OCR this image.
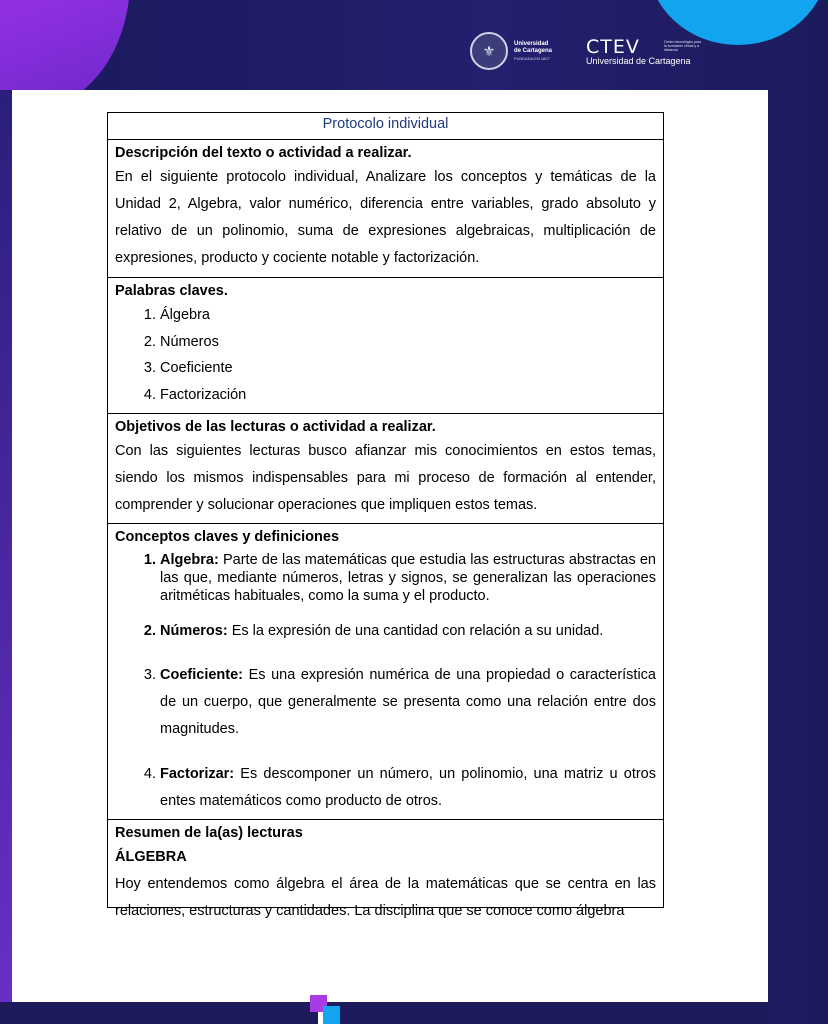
⚜	Universidad
de Cartagena
FUNDADA EN 1827 CTEV	Centro tecnológico para la formación virtual y a distancia
Universidad de Cartagena
Protocolo individual
Descripción del texto o actividad a realizar.

En el siguiente protocolo individual, Analizare los conceptos y temáticas de la Unidad 2, Algebra, valor numérico, diferencia entre variables, grado absoluto y relativo de un polinomio, suma de expresiones algebraicas, multiplicación de expresiones, producto y cociente notable y factorización.

Palabras claves.
1. Álgebra
2. Números
3. Coeficiente
4. Factorización
Objetivos de las lecturas o actividad a realizar.

Con las siguientes lecturas busco afianzar mis conocimientos en estos temas, siendo los mismos indispensables para mi proceso de formación al entender, comprender y solucionar operaciones que impliquen estos temas.

Conceptos claves y definiciones
1. Algebra: Parte de las matemáticas que estudia las estructuras abstractas en las que, mediante números, letras y signos, se generalizan las operaciones aritméticas habituales, como la suma y el producto.
2. Números: Es la expresión de una cantidad con relación a su unidad.
3. Coeficiente: Es una expresión numérica de una propiedad o característica de un cuerpo, que generalmente se presenta como una relación entre dos magnitudes.
4. Factorizar: Es descomponer un número, un polinomio, una matriz u otros entes matemáticos como producto de otros.
Resumen de la(as) lecturas
ÁLGEBRA

Hoy entendemos como álgebra el área de la matemáticas que se centra en las relaciones, estructuras y cantidades. La disciplina que se conoce como álgebra
